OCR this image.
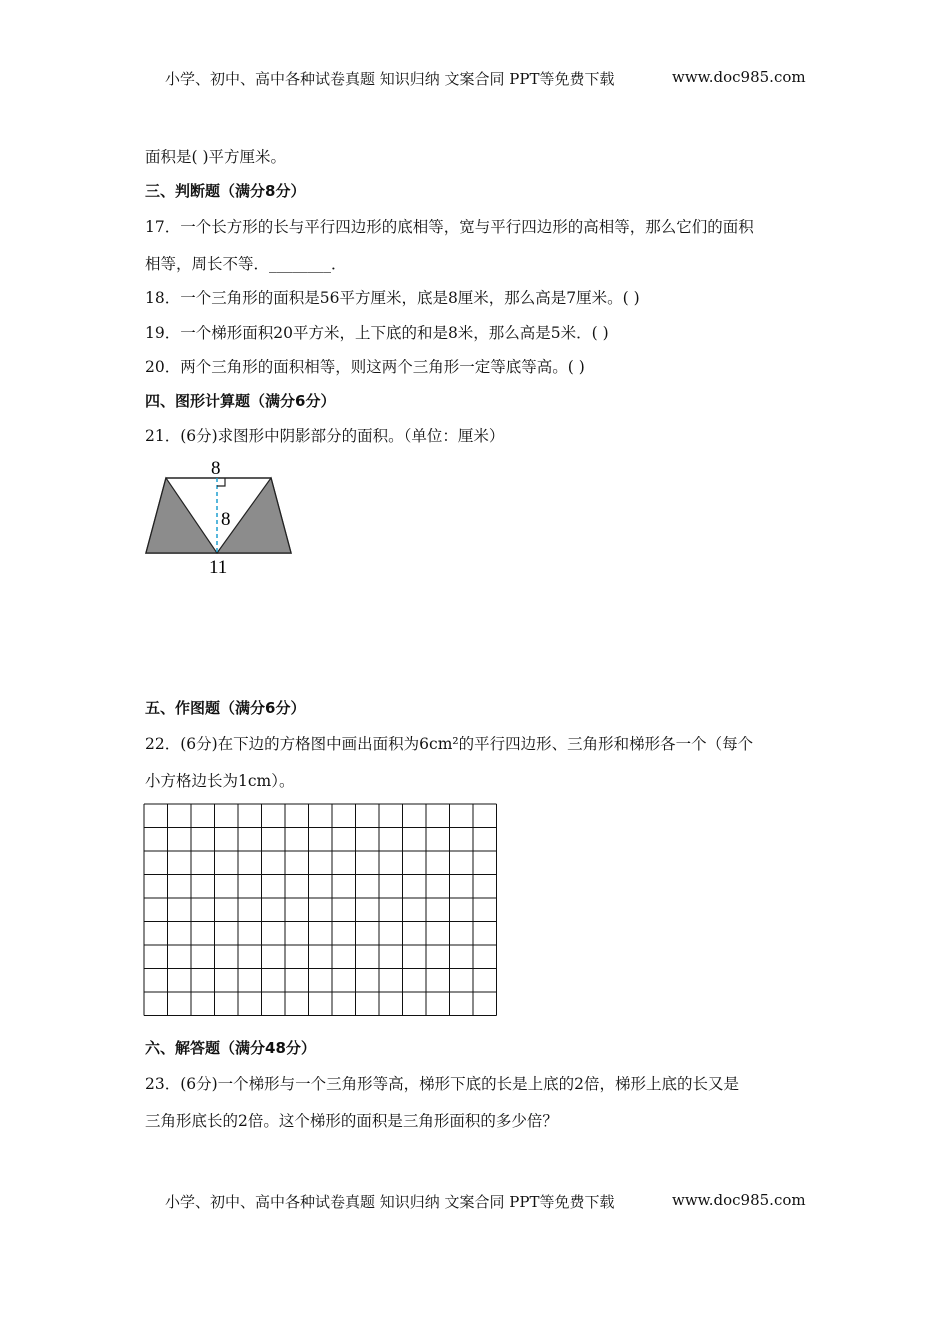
小学、初中、高中各种试卷真题 知识归纳 文案合同 PPT等免费下载	www.doc985.com
面积是( )平方厘米。
三、判断题（满分8分）
17．一个长方形的长与平行四边形的底相等，宽与平行四边形的高相等，那么它们的面积
相等，周长不等．________．
18．一个三角形的面积是56平方厘米，底是8厘米，那么高是7厘米。( )
19．一个梯形面积20平方米，上下底的和是8米，那么高是5米．( )
20．两个三角形的面积相等，则这两个三角形一定等底等高。( )
四、图形计算题（满分6分）
21．(6分)求图形中阴影部分的面积。（单位：厘米）
8
8
11
五、作图题（满分6分）
22．(6分)在下边的方格图中画出面积为6cm²的平行四边形、三角形和梯形各一个（每个
小方格边长为1cm）。
六、解答题（满分48分）
23．(6分)一个梯形与一个三角形等高，梯形下底的长是上底的2倍，梯形上底的长又是
三角形底长的2倍。这个梯形的面积是三角形面积的多少倍？
小学、初中、高中各种试卷真题 知识归纳 文案合同 PPT等免费下载	www.doc985.com
